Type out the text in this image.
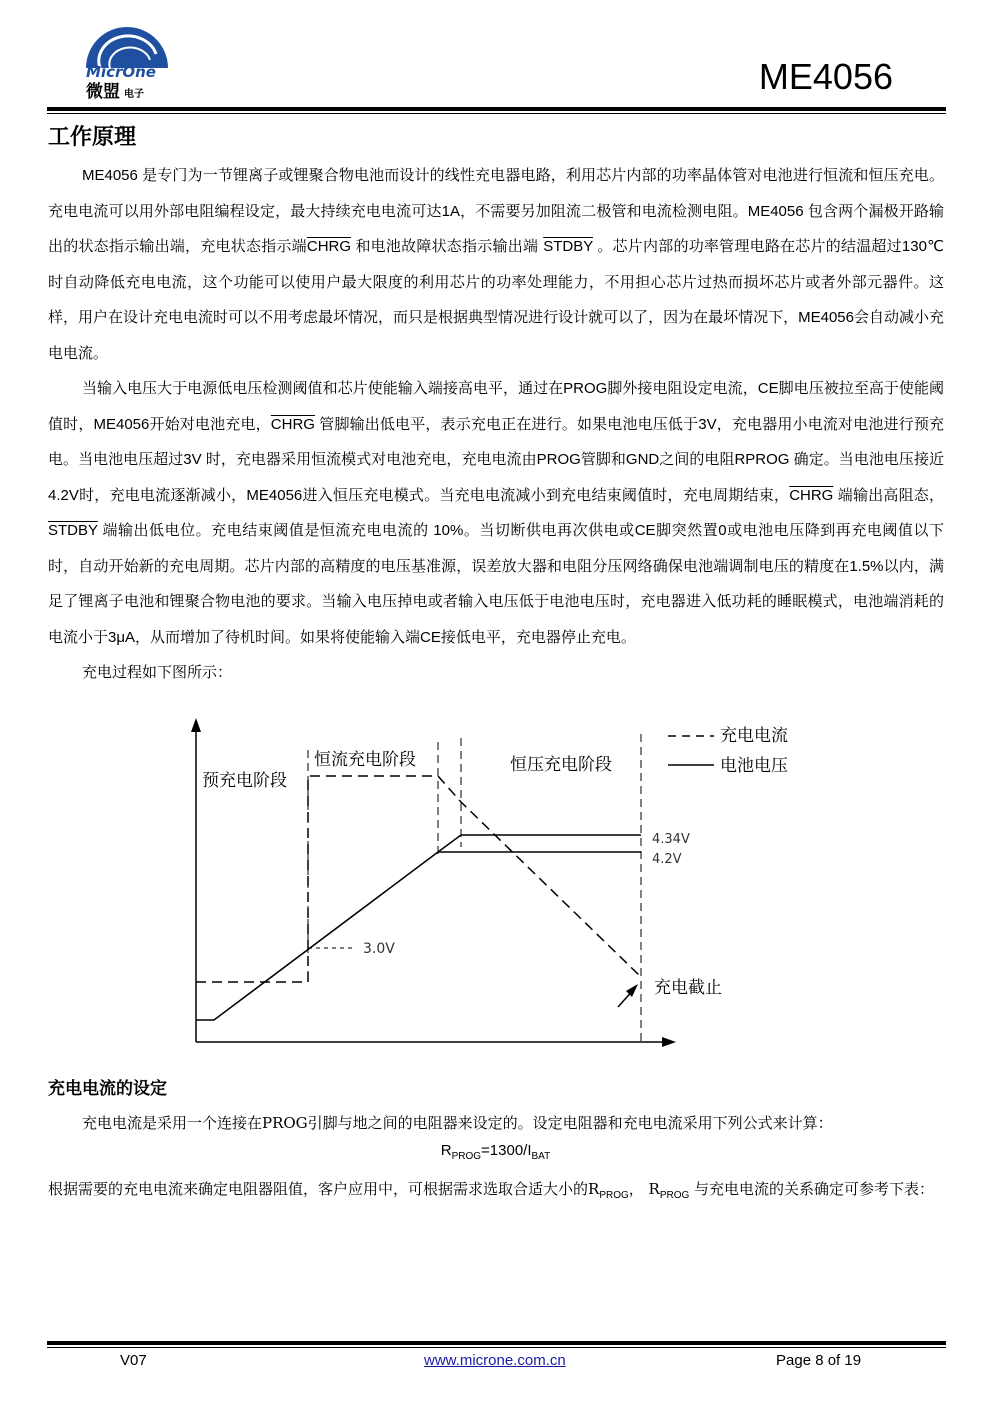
MicrOne
微盟 电子	ME4056
工作原理

ME4056 是专门为一节锂离子或锂聚合物电池而设计的线性充电器电路，利用芯片内部的功率晶体管对电池进行恒流和恒压充电。充电电流可以用外部电阻编程设定，最大持续充电电流可达1A，不需要另加阻流二极管和电流检测电阻。ME4056 包含两个漏极开路输出的状态指示输出端，充电状态指示端CHRG 和电池故障状态指示输出端 STDBY 。芯片内部的功率管理电路在芯片的结温超过130℃时自动降低充电电流，这个功能可以使用户最大限度的利用芯片的功率处理能力，不用担心芯片过热而损坏芯片或者外部元器件。这样，用户在设计充电电流时可以不用考虑最坏情况，而只是根据典型情况进行设计就可以了，因为在最坏情况下，ME4056会自动减小充电电流。

当输入电压大于电源低电压检测阈值和芯片使能输入端接高电平，通过在PROG脚外接电阻设定电流，CE脚电压被拉至高于使能阈值时，ME4056开始对电池充电，CHRG 管脚输出低电平，表示充电正在进行。如果电池电压低于3V，充电器用小电流对电池进行预充电。当电池电压超过3V 时，充电器采用恒流模式对电池充电，充电电流由PROG管脚和GND之间的电阻RPROG 确定。当电池电压接近4.2V时，充电电流逐渐减小，ME4056进入恒压充电模式。当充电电流减小到充电结束阈值时，充电周期结束，CHRG 端输出高阻态，STDBY 端输出低电位。充电结束阈值是恒流充电电流的 10%。当切断供电再次供电或CE脚突然置0或电池电压降到再充电阈值以下时，自动开始新的充电周期。芯片内部的高精度的电压基准源，误差放大器和电阻分压网络确保电池端调制电压的精度在1.5%以内，满足了锂离子电池和锂聚合物电池的要求。当输入电压掉电或者输入电压低于电池电压时，充电器进入低功耗的睡眠模式，电池端消耗的电流小于3μA，从而增加了待机时间。如果将使能输入端CE接低电平，充电器停止充电。

充电过程如下图所示：

充电电流
电池电压
预充电阶段
恒流充电阶段	恒压充电阶段
4.34V
4.2V
3.0V
充电截止
充电电流的设定

充电电流是采用一个连接在PROG引脚与地之间的电阻器来设定的。设定电阻器和充电电流采用下列公式来计算：

$R_{PROG}=1300/I_{BAT}$

根据需要的充电电流来确定电阻器阻值，客户应用中，可根据需求选取合适大小的$R_{PROG}$， $R_{PROG}$ 与充电电流的关系确定可参考下表：

V07	www.microne.com.cn	Page 8 of 19
